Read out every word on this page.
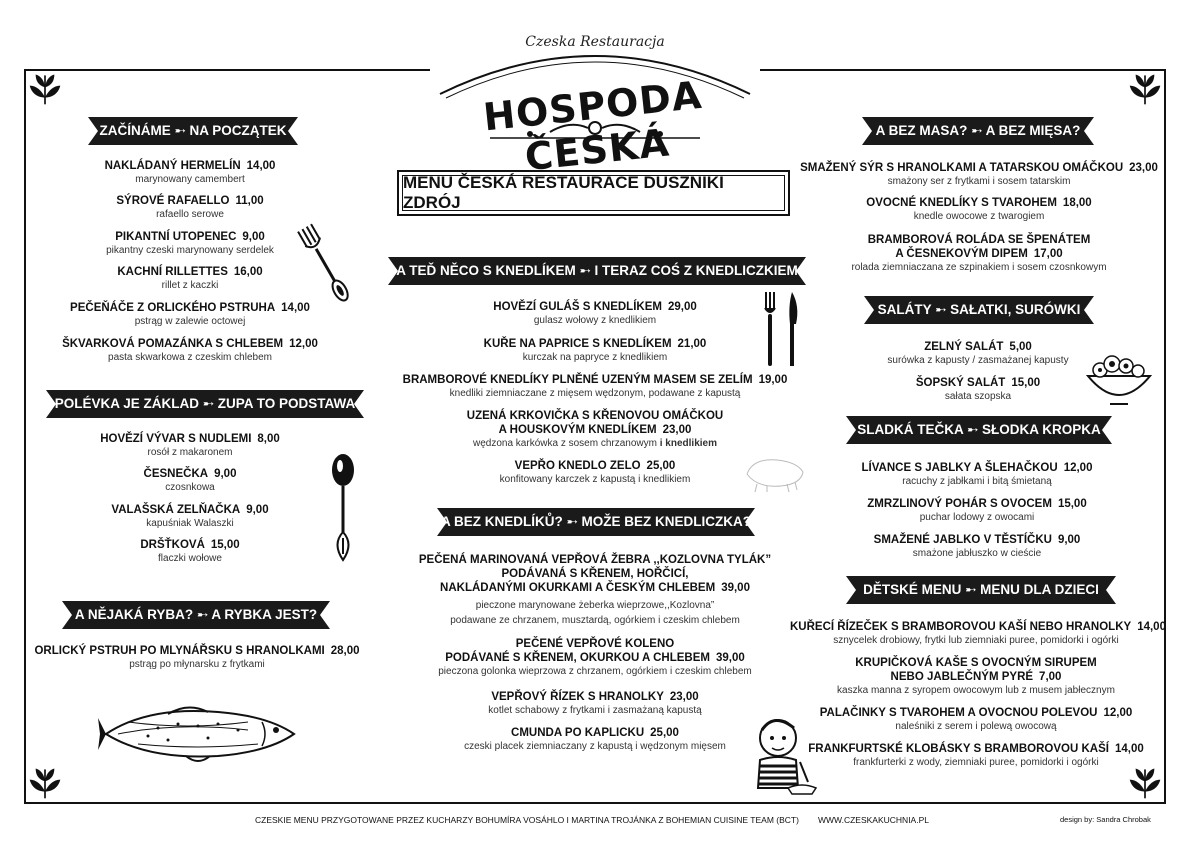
Czeska Restauracja
HOSPODA ČESKÁ
MENU ČESKÁ RESTAURACE DUSZNIKI ZDRÓJ
ZAČÍNÁME ➸ NA POCZĄTEK
POLÉVKA JE ZÁKLAD ➸ ZUPA TO PODSTAWA
A NĚJAKÁ RYBA? ➸ A RYBKA JEST?
A TEĎ NĚCO S KNEDLÍKEM ➸ I TERAZ COŚ Z KNEDLICZKIEM
A BEZ KNEDLÍKŮ? ➸ MOŽE BEZ KNEDLICZKA?
A BEZ MASA? ➸ A BEZ MIĘSA?
SALÁTY ➸ SAŁATKI, SURÓWKI
SLADKÁ TEČKA ➸ SŁODKA KROPKA
DĚTSKÉ MENU ➸ MENU DLA DZIECI
NAKLÁDANÝ HERMELÍN 14,00
marynowany camembert
SÝROVÉ RAFAELLO 11,00
rafaello serowe
PIKANTNÍ UTOPENEC 9,00
pikantny czeski marynowany serdelek
KACHNÍ RILLETTES 16,00
rillet z kaczki
PEČEŇÁČE Z ORLICKÉHO PSTRUHA 14,00
pstrąg w zalewie octowej
ŠKVARKOVÁ POMAZÁNKA S CHLEBEM 12,00
pasta skwarkowa z czeskim chlebem
HOVĚZÍ VÝVAR S NUDLEMI 8,00
rosół z makaronem
ČESNEČKA 9,00
czosnkowa
VALAŠSKÁ ZELŇAČKA 9,00
kapuśniak Walaszki
DRŠŤKOVÁ 15,00
flaczki wołowe
ORLICKÝ PSTRUH PO MLYNÁŘSKU S HRANOLKAMI 28,00
pstrąg po młynarsku z frytkami
HOVĚZÍ GULÁŠ S KNEDLÍKEM 29,00
gulasz wołowy z knedlikiem
KUŘE NA PAPRICE S KNEDLÍKEM 21,00
kurczak na papryce z knedlikiem
BRAMBOROVÉ KNEDLÍKY PLNĚNÉ UZENÝM MASEM SE ZELÍM 19,00
knedliki ziemniaczane z mięsem wędzonym, podawane z kapustą
UZENÁ KRKOVIČKA S KŘENOVOU OMÁČKOU
A HOUSKOVÝM KNEDLÍKEM 23,00
wędzona karkówka z sosem chrzanowym i knedlikiem
VEPŘO KNEDLO ZELO 25,00
konfitowany karczek z kapustą i knedlikiem
PEČENÁ MARINOVANÁ VEPŘOVÁ ŽEBRA ,,KOZLOVNA TYLÁK”
PODÁVANÁ S KŘENEM, HOŘČICÍ,
NAKLÁDANÝMI OKURKAMI A ČESKÝM CHLEBEM 39,00
pieczone marynowane żeberka wieprzowe,,Kozlovna”
podawane ze chrzanem, musztardą, ogórkiem i czeskim chlebem
PEČENÉ VEPŘOVÉ KOLENO
PODÁVANÉ S KŘENEM, OKURKOU A CHLEBEM 39,00
pieczona golonka wieprzowa z chrzanem, ogórkiem i czeskim chlebem
VEPŘOVÝ ŘÍZEK S HRANOLKY 23,00
kotlet schabowy z frytkami i zasmażaną kapustą
CMUNDA PO KAPLICKU 25,00
czeski placek ziemniaczany z kapustą i wędzonym mięsem
SMAŽENÝ SÝR S HRANOLKAMI A TATARSKOU OMÁČKOU 23,00
smażony ser z frytkami i sosem tatarskim
OVOCNÉ KNEDLÍKY S TVAROHEM 18,00
knedle owocowe z twarogiem
BRAMBOROVÁ ROLÁDA SE ŠPENÁTEM
A ČESNEKOVÝM DIPEM 17,00
rolada ziemniaczana ze szpinakiem i sosem czosnkowym
ZELNÝ SALÁT 5,00
surówka z kapusty / zasmażanej kapusty
ŠOPSKÝ SALÁT 15,00
sałata szopska
LÍVANCE S JABLKY A ŠLEHAČKOU 12,00
racuchy z jabłkami i bitą śmietaną
ZMRZLINOVÝ POHÁR S OVOCEM 15,00
puchar lodowy z owocami
SMAŽENÉ JABLKO V TĚSTÍČKU 9,00
smażone jabłuszko w cieście
KUŘECÍ ŘÍZEČEK S BRAMBOROVOU KAŠÍ NEBO HRANOLKY 14,00
sznycelek drobiowy, frytki lub ziemniaki puree, pomidorki i ogórki
KRUPIČKOVÁ KAŠE S OVOCNÝM SIRUPEM
NEBO JABLEČNÝM PYRÉ 7,00
kaszka manna z syropem owocowym lub z musem jabłecznym
PALAČINKY S TVAROHEM A OVOCNOU POLEVOU 12,00
naleśniki z serem i polewą owocową
FRANKFURTSKÉ KLOBÁSKY S BRAMBOROVOU KAŠÍ 14,00
frankfurterki z wody, ziemniaki puree, pomidorki i ogórki
CZESKIE MENU PRZYGOTOWANE PRZEZ KUCHARZY BOHUMÍRA VOSÁHLO I MARTINA TROJÁNKA Z BOHEMIAN CUISINE TEAM (BCT) WWW.CZESKAKUCHNIA.PL	design by: Sandra Chrobak
